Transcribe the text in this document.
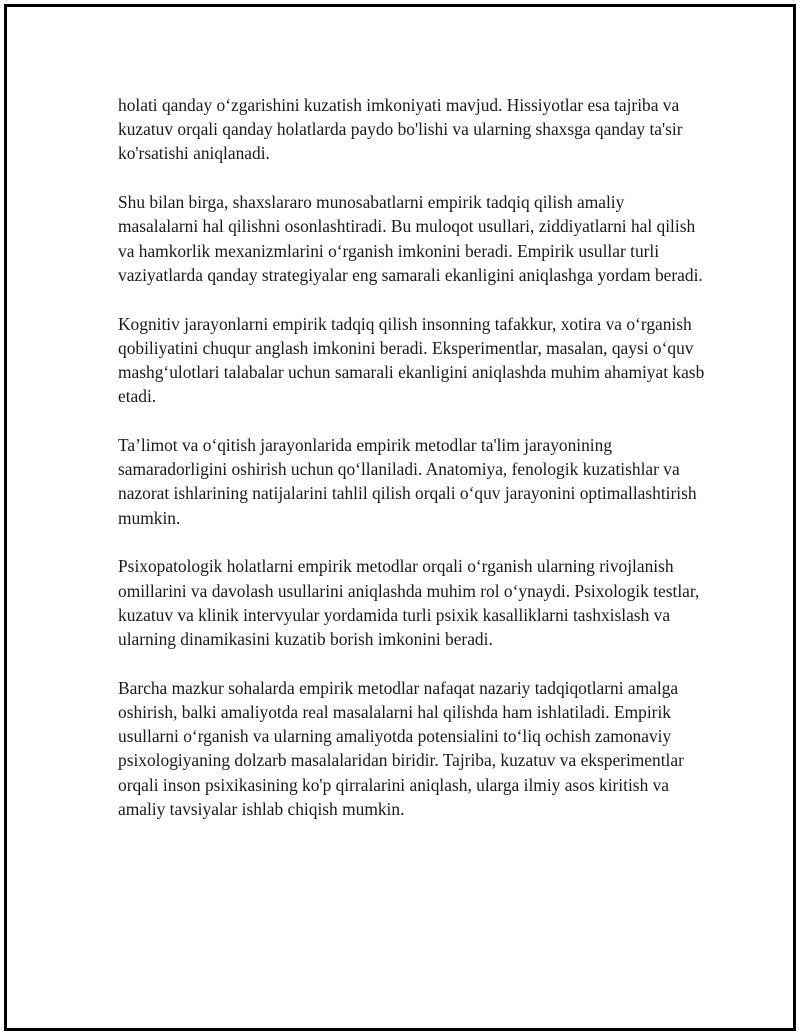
holati qanday o‘zgarishini kuzatish imkoniyati mavjud. Hissiyotlar esa tajriba va kuzatuv orqali qanday holatlarda paydo bo'lishi va ularning shaxsga qanday ta'sir ko'rsatishi aniqlanadi.

Shu bilan birga, shaxslararo munosabatlarni empirik tadqiq qilish amaliy masalalarni hal qilishni osonlashtiradi. Bu muloqot usullari, ziddiyatlarni hal qilish va hamkorlik mexanizmlarini o‘rganish imkonini beradi. Empirik usullar turli vaziyatlarda qanday strategiyalar eng samarali ekanligini aniqlashga yordam beradi.

Kognitiv jarayonlarni empirik tadqiq qilish insonning tafakkur, xotira va o‘rganish qobiliyatini chuqur anglash imkonini beradi. Eksperimentlar, masalan, qaysi o‘quv mashg‘ulotlari talabalar uchun samarali ekanligini aniqlashda muhim ahamiyat kasb etadi.

Ta’limot va o‘qitish jarayonlarida empirik metodlar ta'lim jarayonining samaradorligini oshirish uchun qo‘llaniladi. Anatomiya, fenologik kuzatishlar va nazorat ishlarining natijalarini tahlil qilish orqali o‘quv jarayonini optimallashtirish mumkin.

Psixopatologik holatlarni empirik metodlar orqali o‘rganish ularning rivojlanish omillarini va davolash usullarini aniqlashda muhim rol o‘ynaydi. Psixologik testlar, kuzatuv va klinik intervyular yordamida turli psixik kasalliklarni tashxislash va ularning dinamikasini kuzatib borish imkonini beradi.

Barcha mazkur sohalarda empirik metodlar nafaqat nazariy tadqiqotlarni amalga oshirish, balki amaliyotda real masalalarni hal qilishda ham ishlatiladi. Empirik usullarni o‘rganish va ularning amaliyotda potensialini to‘liq ochish zamonaviy psixologiyaning dolzarb masalalaridan biridir. Tajriba, kuzatuv va eksperimentlar orqali inson psixikasining ko'p qirralarini aniqlash, ularga ilmiy asos kiritish va amaliy tavsiyalar ishlab chiqish mumkin.
